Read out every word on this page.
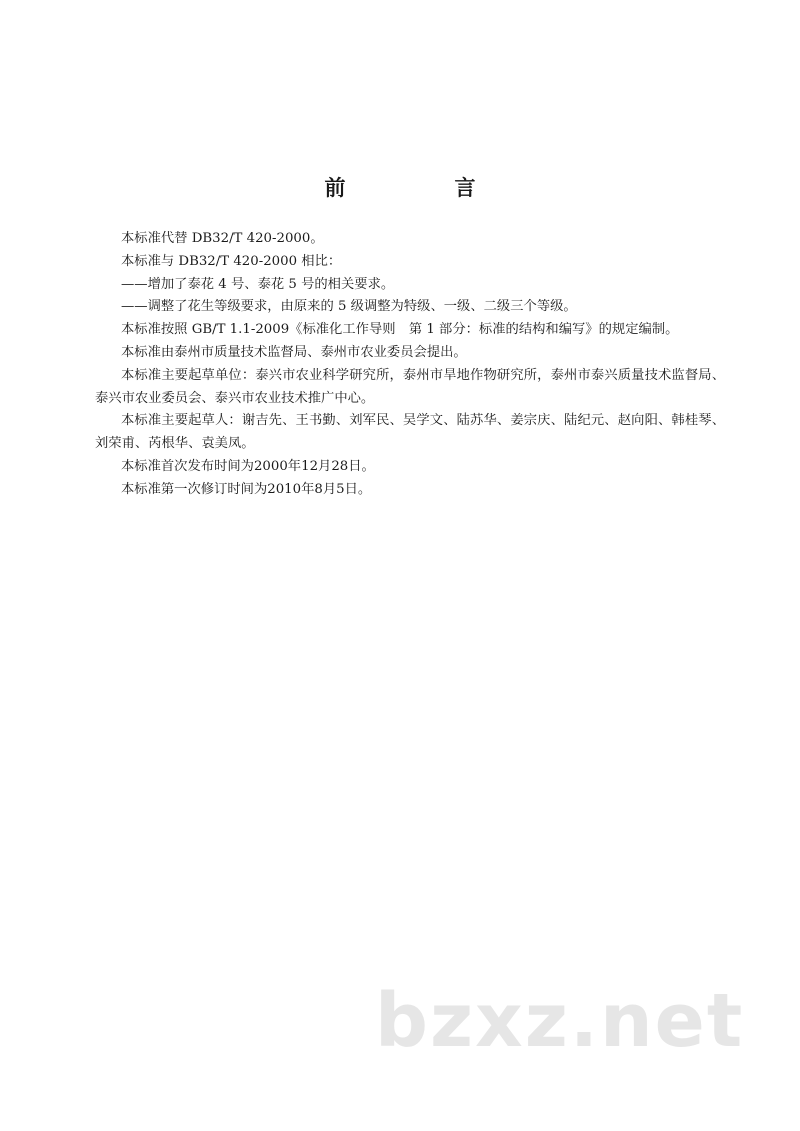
前　言

本标准代替 DB32/T 420-2000。

本标准与 DB32/T 420-2000 相比：

——增加了泰花 4 号、泰花 5 号的相关要求。

——调整了花生等级要求，由原来的 5 级调整为特级、一级、二级三个等级。

本标准按照 GB/T 1.1-2009《标准化工作导则　第 1 部分：标准的结构和编写》的规定编制。

本标准由泰州市质量技术监督局、泰州市农业委员会提出。

本标准主要起草单位：泰兴市农业科学研究所，泰州市旱地作物研究所，泰州市泰兴质量技术监督局、泰兴市农业委员会、泰兴市农业技术推广中心。

本标准主要起草人：谢吉先、王书勤、刘军民、吴学文、陆苏华、姜宗庆、陆纪元、赵向阳、韩桂琴、刘荣甫、芮根华、袁美凤。

本标准首次发布时间为2000年12月28日。

本标准第一次修订时间为2010年8月5日。

bzxz.net
